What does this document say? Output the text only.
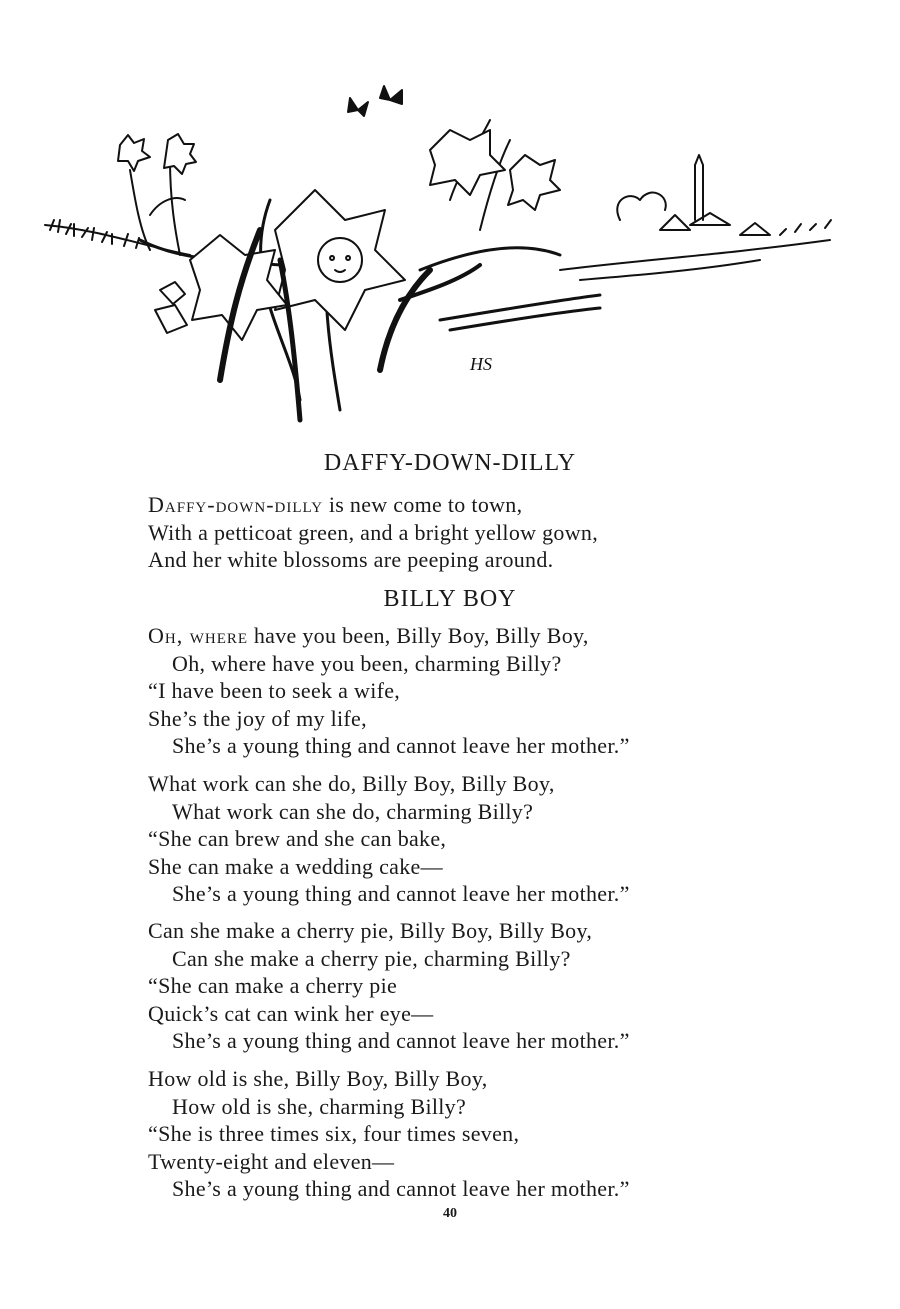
HS
DAFFY-DOWN-DILLY
Daffy-down-dilly is new come to town,
With a petticoat green, and a bright yellow gown,
And her white blossoms are peeping around.
BILLY BOY
Oh, where have you been, Billy Boy, Billy Boy,
Oh, where have you been, charming Billy?
“I have been to seek a wife,
She’s the joy of my life,
She’s a young thing and cannot leave her mother.”
What work can she do, Billy Boy, Billy Boy,
What work can she do, charming Billy?
“She can brew and she can bake,
She can make a wedding cake—
She’s a young thing and cannot leave her mother.”
Can she make a cherry pie, Billy Boy, Billy Boy,
Can she make a cherry pie, charming Billy?
“She can make a cherry pie
Quick’s cat can wink her eye—
She’s a young thing and cannot leave her mother.”
How old is she, Billy Boy, Billy Boy,
How old is she, charming Billy?
“She is three times six, four times seven,
Twenty-eight and eleven—
She’s a young thing and cannot leave her mother.”
40
